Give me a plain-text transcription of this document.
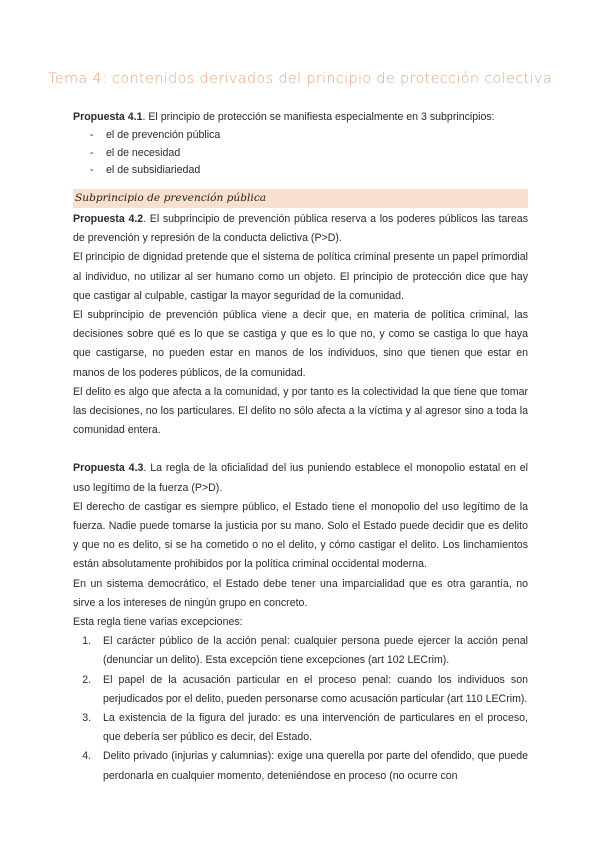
Tema 4: contenidos derivados del principio de protección colectiva

Propuesta 4.1. El principio de protección se manifiesta especialmente en 3 subprincipios:

- el de prevención pública
- el de necesidad
- el de subsidiariedad
Subprincipio de prevención pública

Propuesta 4.2. El subprincipio de prevención pública reserva a los poderes públicos las tareas de prevención y represión de la conducta delictiva (P>D).

El principio de dignidad pretende que el sistema de política criminal presente un papel primordial al individuo, no utilizar al ser humano como un objeto. El principio de protección dice que hay que castigar al culpable, castigar la mayor seguridad de la comunidad.

El subprincipio de prevención pública viene a decir que, en materia de política criminal, las decisiones sobre qué es lo que se castiga y que es lo que no, y como se castiga lo que haya que castigarse, no pueden estar en manos de los individuos, sino que tienen que estar en manos de los poderes públicos, de la comunidad.

El delito es algo que afecta a la comunidad, y por tanto es la colectividad la que tiene que tomar las decisiones, no los particulares. El delito no sólo afecta a la víctima y al agresor sino a toda la comunidad entera.

Propuesta 4.3. La regla de la oficialidad del ius puniendo establece el monopolio estatal en el uso legítimo de la fuerza (P>D).

El derecho de castigar es siempre público, el Estado tiene el monopolio del uso legítimo de la fuerza. Nadie puede tomarse la justicia por su mano. Solo el Estado puede decidir que es delito y que no es delito, si se ha cometido o no el delito, y cómo castigar el delito. Los linchamientos están absolutamente prohibidos por la política criminal occidental moderna.

En un sistema democrático, el Estado debe tener una imparcialidad que es otra garantía, no sirve a los intereses de ningún grupo en concreto.

Esta regla tiene varias excepciones:

1. El carácter público de la acción penal: cualquier persona puede ejercer la acción penal (denunciar un delito). Esta excepción tiene excepciones (art 102 LECrim).
2. El papel de la acusación particular en el proceso penal: cuando los individuos son perjudicados por el delito, pueden personarse como acusación particular (art 110 LECrim).
3. La existencia de la figura del jurado: es una intervención de particulares en el proceso, que debería ser público es decir, del Estado.
4. Delito privado (injurias y calumnias): exige una querella por parte del ofendido, que puede perdonarla en cualquier momento, deteniéndose en proceso (no ocurre con
